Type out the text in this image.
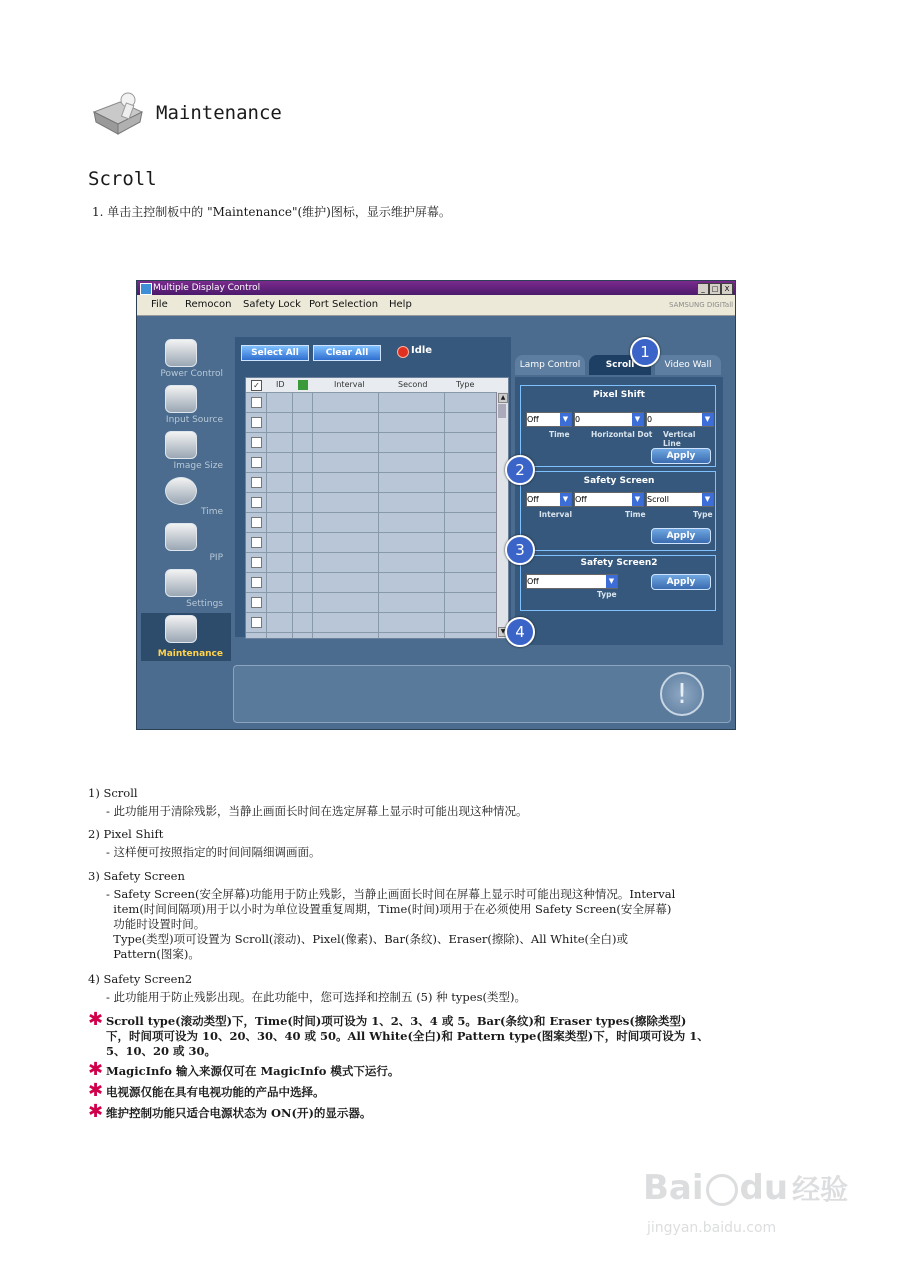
Maintenance
Scroll
1. 单击主控制板中的 "Maintenance"(维护)图标，显示维护屏幕。
Multiple Display Control	_ □ X
File Remocon Safety Lock Port Selection Help	SAMSUNG DIGITall
Power Control
Input Source
Image Size
Time
PIP
Settings
Maintenance
Select All	Clear All	Idle
✓ ID	Interval	Second	Type
▲
▼
Lamp Control	Scroll	Video Wall
Pixel Shift
Off	▼ 0	▼ 0	▼
Time	Horizontal Dot Vertical Line
Apply
Safety Screen
Off	▼ Off	▼ Scroll	▼
Interval	Time	Type
Apply
Safety Screen2
Off	▼
Type
Apply
1
2
3
4
!
1) Scroll
- 此功能用于清除残影，当静止画面长时间在选定屏幕上显示时可能出现这种情况。
2) Pixel Shift
- 这样便可按照指定的时间间隔细调画面。
3) Safety Screen
- Safety Screen(安全屏幕)功能用于防止残影，当静止画面长时间在屏幕上显示时可能出现这种情况。Interval
item(时间间隔项)用于以小时为单位设置重复周期，Time(时间)项用于在必须使用 Safety Screen(安全屏幕)
功能时设置时间。
Type(类型)项可设置为 Scroll(滚动)、Pixel(像素)、Bar(条纹)、Eraser(擦除)、All White(全白)或
Pattern(图案)。
4) Safety Screen2
- 此功能用于防止残影出现。在此功能中，您可选择和控制五 (5) 种 types(类型)。
✱ Scroll type(滚动类型)下，Time(时间)项可设为 1、2、3、4 或 5。Bar(条纹)和 Eraser types(擦除类型)
下，时间项可设为 10、20、30、40 或 50。All White(全白)和 Pattern type(图案类型)下，时间项可设为 1、
5、10、20 或 30。
✱ MagicInfo 输入来源仅可在 MagicInfo 模式下运行。
✱ 电视源仅能在具有电视功能的产品中选择。
✱ 维护控制功能只适合电源状态为 ON(开)的显示器。
Bai du 经验
jingyan.baidu.com
